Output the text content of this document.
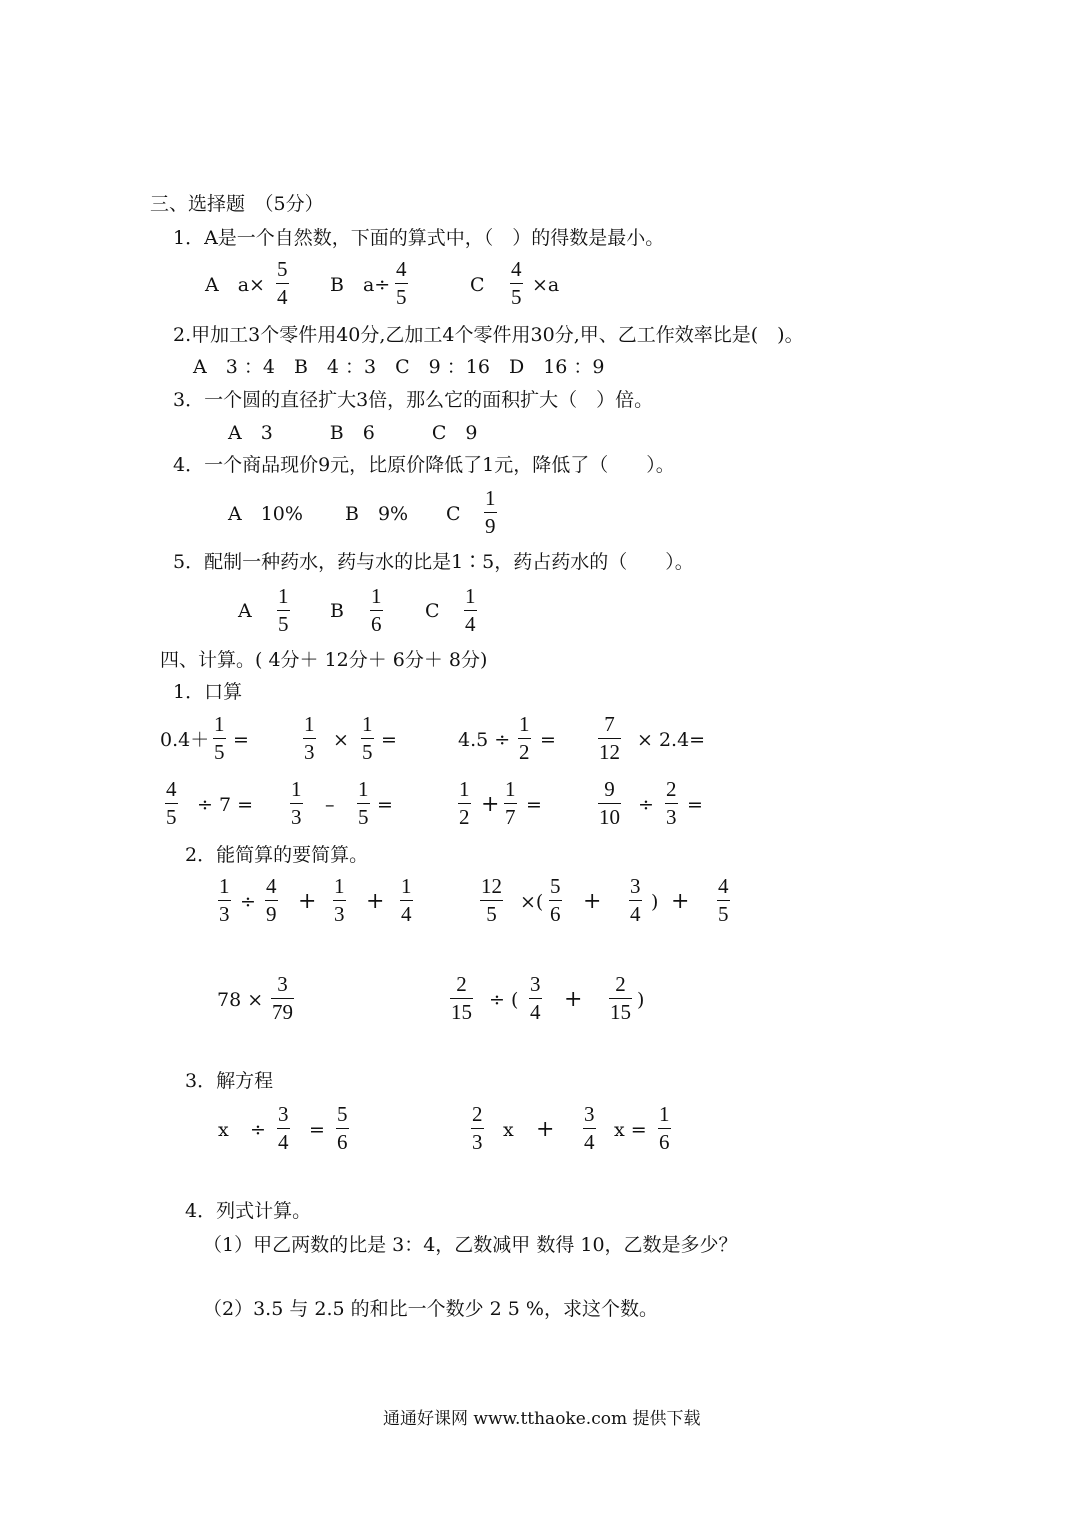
三、选择题　（5分）
1．A是一个自然数，下面的算式中，（　）的得数是最小。
A　a×
5
4 B　a÷
4
5	C
4
5 ×a
2.甲加工3个零件用40分,乙加工4个零件用30分,甲、乙工作效率比是(　)。
A　3 ：4　B　4 ：3　C　9 ：16　D　16 ：9
3．一个圆的直径扩大3倍，那么它的面积扩大（　）倍。
A　3　　　B　6　　　C　9
4．一个商品现价9元，比原价降低了1元，降低了（　　）。
A　10% B　9% C
1
9
5．配制一种药水，药与水的比是1∶5，药占药水的（　　）。
A
1
5
B
1
6
C
1
4
四、计算。( 4分＋ 12分＋ 6分＋ 8分)
1．口算
0.4＋
1
5 =
1
3 ×
1
5 =	4.5 ÷
1
2 =
7
12 × 2.4=
4
5 ÷ 7 =
1
3 –
1
5 =
1
2 +
1
7 =
9
10 ÷
2
3 =
2．能简算的要简算。
1
3 ÷
4
9 +
1
3 +
1
4
12
5 ×(
5
6 +
3
4 ) +
4
5
78 ×
3
79
2
15 ÷ (
3
4 +
2
15 )
3．解方程
x ÷
3
4 =
5
6
2
3 x +
3
4 x =
1
6
4．列式计算。
（1）甲乙两数的比是 3：4，乙数减甲 数得 10，乙数是多少？
（2）3.5 与 2.5 的和比一个数少 2 5 %，求这个数。
通通好课网 www.tthaoke.com 提供下载
